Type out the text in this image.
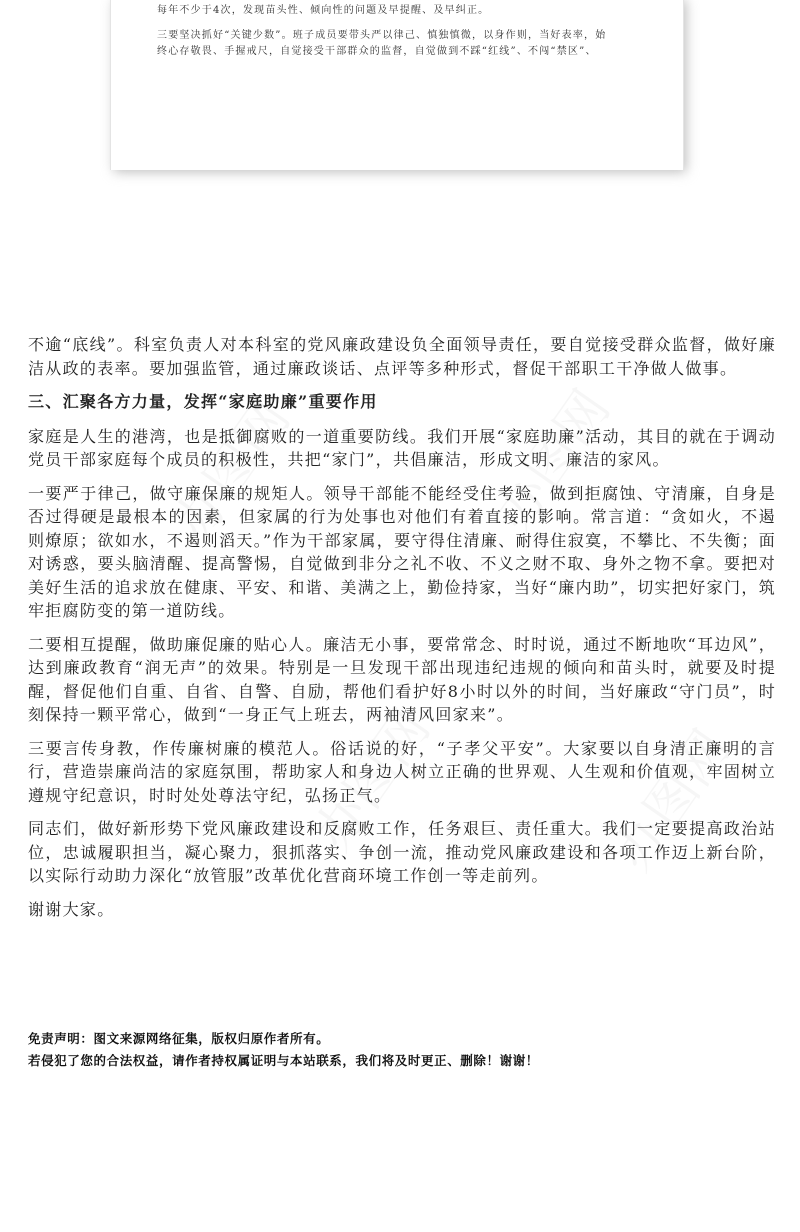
每年不少于4次，发现苗头性、倾向性的问题及早提醒、及早纠正。

三要坚决抓好“关键少数”。班子成员要带头严以律己、慎独慎微，以身作则，当好表率，始

终心存敬畏、手握戒尺，自觉接受干部群众的监督，自觉做到不踩“红线”、不闯“禁区”、

不逾“底线”。科室负责人对本科室的党风廉政建设负全面领导责任，要自觉接受群众监督，做好廉洁从政的表率。要加强监管，通过廉政谈话、点评等多种形式，督促干部职工干净做人做事。

三、汇聚各方力量，发挥“家庭助廉”重要作用

家庭是人生的港湾，也是抵御腐败的一道重要防线。我们开展“家庭助廉”活动，其目的就在于调动党员干部家庭每个成员的积极性，共把“家门”，共倡廉洁，形成文明、廉洁的家风。

一要严于律己，做守廉保廉的规矩人。领导干部能不能经受住考验，做到拒腐蚀、守清廉，自身是否过得硬是最根本的因素，但家属的行为处事也对他们有着直接的影响。常言道：“贪如火，不遏则燎原；欲如水，不遏则滔天。”作为干部家属，要守得住清廉、耐得住寂寞，不攀比、不失衡；面对诱惑，要头脑清醒、提高警惕，自觉做到非分之礼不收、不义之财不取、身外之物不拿。要把对美好生活的追求放在健康、平安、和谐、美满之上，勤俭持家，当好“廉内助”，切实把好家门，筑牢拒腐防变的第一道防线。

二要相互提醒，做助廉促廉的贴心人。廉洁无小事，要常常念、时时说，通过不断地吹“耳边风”，达到廉政教育“润无声”的效果。特别是一旦发现干部出现违纪违规的倾向和苗头时，就要及时提醒，督促他们自重、自省、自警、自励，帮他们看护好8小时以外的时间，当好廉政“守门员”，时刻保持一颗平常心，做到“一身正气上班去，两袖清风回家来”。

三要言传身教，作传廉树廉的模范人。俗话说的好，“子孝父平安”。大家要以自身清正廉明的言行，营造崇廉尚洁的家庭氛围，帮助家人和身边人树立正确的世界观、人生观和价值观，牢固树立遵规守纪意识，时时处处尊法守纪，弘扬正气。

同志们，做好新形势下党风廉政建设和反腐败工作，任务艰巨、责任重大。我们一定要提高政治站位，忠诚履职担当，凝心聚力，狠抓落实、争创一流，推动党风廉政建设和各项工作迈上新台阶，以实际行动助力深化“放管服”改革优化营商环境工作创一等走前列。

谢谢大家。

免责声明：图文来源网络征集，版权归原作者所有。
若侵犯了您的合法权益，请作者持权属证明与本站联系，我们将及时更正、删除！谢谢！
